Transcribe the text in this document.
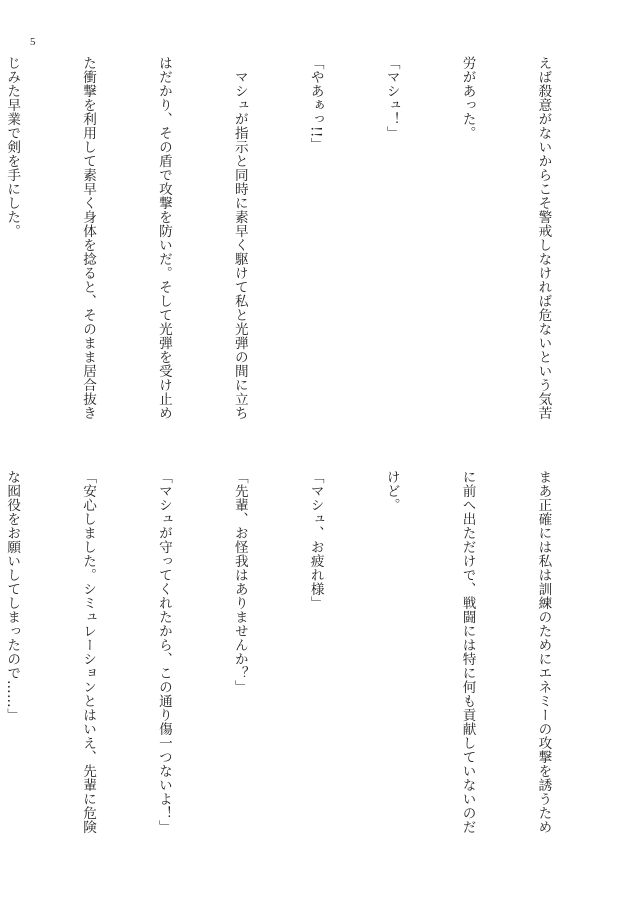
5

えば殺意がないからこそ警戒しなければ危ないという気苦

労があった。

「マシュ！」

「やあぁっ!!」

　マシュが指示と同時に素早く駆けて私と光弾の間に立ち

はだかり、その盾で攻撃を防いだ。そして光弾を受け止め

た衝撃を利用して素早く身体を捻ると、そのまま居合抜き

じみた早業で剣を手にした。

まあ正確には私は訓練のためにエネミーの攻撃を誘うため

に前へ出ただけで、戦闘には特に何も貢献していないのだ

けど。

「マシュ、お疲れ様」

「先輩、お怪我はありませんか？」

「マシュが守ってくれたから、この通り傷一つないよ！」

「安心しました。シミュレーションとはいえ、先輩に危険

な囮役をお願いしてしまったので……」
